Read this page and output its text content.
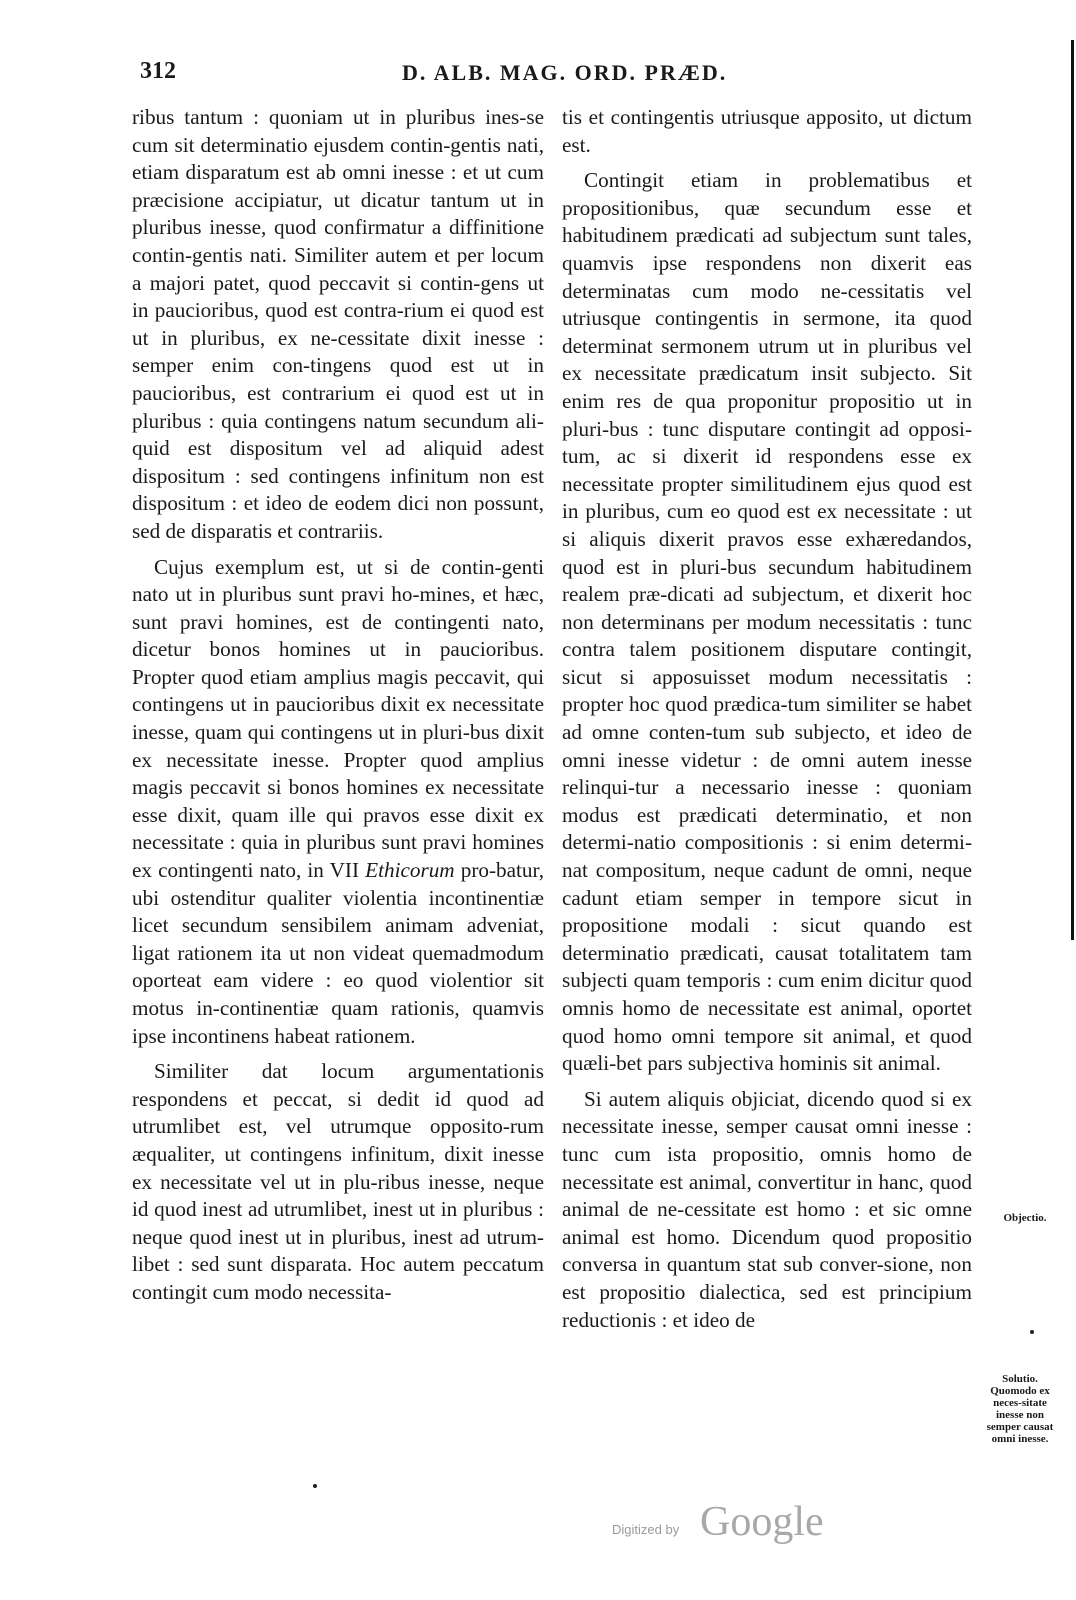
312	D. ALB. MAG. ORD. PRÆD.

ribus tantum : quoniam ut in pluribus ines-se cum sit determinatio ejusdem contin-gentis nati, etiam disparatum est ab omni inesse : et ut cum præcisione accipiatur, ut dicatur tantum ut in pluribus inesse, quod confirmatur a diffinitione contin-gentis nati. Similiter autem et per locum a majori patet, quod peccavit si contin-gens ut in paucioribus, quod est contra-rium ei quod est ut in pluribus, ex ne-cessitate dixit inesse : semper enim con-tingens quod est ut in paucioribus, est contrarium ei quod est ut in pluribus : quia contingens natum secundum ali-quid est dispositum vel ad aliquid adest dispositum : sed contingens infinitum non est dispositum : et ideo de eodem dici non possunt, sed de disparatis et contrariis.

Cujus exemplum est, ut si de contin-genti nato ut in pluribus sunt pravi ho-mines, et hæc, sunt pravi homines, est de contingenti nato, dicetur bonos homines ut in paucioribus. Propter quod etiam amplius magis peccavit, qui contingens ut in paucioribus dixit ex necessitate inesse, quam qui contingens ut in pluri-bus dixit ex necessitate inesse. Propter quod amplius magis peccavit si bonos homines ex necessitate esse dixit, quam ille qui pravos esse dixit ex necessitate : quia in pluribus sunt pravi homines ex contingenti nato, in VII Ethicorum pro-batur, ubi ostenditur qualiter violentia incontinentiæ licet secundum sensibilem animam adveniat, ligat rationem ita ut non videat quemadmodum oporteat eam videre : eo quod violentior sit motus in-continentiæ quam rationis, quamvis ipse incontinens habeat rationem.

Similiter dat locum argumentationis respondens et peccat, si dedit id quod ad utrumlibet est, vel utrumque opposito-rum æqualiter, ut contingens infinitum, dixit inesse ex necessitate vel ut in plu-ribus inesse, neque id quod inest ad utrumlibet, inest ut in pluribus : neque quod inest ut in pluribus, inest ad utrum-libet : sed sunt disparata. Hoc autem peccatum contingit cum modo necessita-

tis et contingentis utriusque apposito, ut dictum est.

Contingit etiam in problematibus et propositionibus, quæ secundum esse et habitudinem prædicati ad subjectum sunt tales, quamvis ipse respondens non dixerit eas determinatas cum modo ne-cessitatis vel utriusque contingentis in sermone, ita quod determinat sermonem utrum ut in pluribus vel ex necessitate prædicatum insit subjecto. Sit enim res de qua proponitur propositio ut in pluri-bus : tunc disputare contingit ad opposi-tum, ac si dixerit id respondens esse ex necessitate propter similitudinem ejus quod est in pluribus, cum eo quod est ex necessitate : ut si aliquis dixerit pravos esse exhæredandos, quod est in pluri-bus secundum habitudinem realem præ-dicati ad subjectum, et dixerit hoc non determinans per modum necessitatis : tunc contra talem positionem disputare contingit, sicut si apposuisset modum necessitatis : propter hoc quod prædica-tum similiter se habet ad omne conten-tum sub subjecto, et ideo de omni inesse videtur : de omni autem inesse relinqui-tur a necessario inesse : quoniam modus est prædicati determinatio, et non determi-natio compositionis : si enim determi-nat compositum, neque cadunt de omni, neque cadunt etiam semper in tempore sicut in propositione modali : sicut quando est determinatio prædicati, causat totalitatem tam subjecti quam temporis : cum enim dicitur quod omnis homo de necessitate est animal, oportet quod homo omni tempore sit animal, et quod quæli-bet pars subjectiva hominis sit animal.

Si autem aliquis objiciat, dicendo quod si ex necessitate inesse, semper causat omni inesse : tunc cum ista propositio, omnis homo de necessitate est animal, convertitur in hanc, quod animal de ne-cessitate est homo : et sic omne animal est homo. Dicendum quod propositio conversa in quantum stat sub conver-sione, non est propositio dialectica, sed est principium reductionis : et ideo de

Objectio.
Solutio. Quomodo ex neces-sitate inesse non semper causat omni inesse.
Digitized by Google
